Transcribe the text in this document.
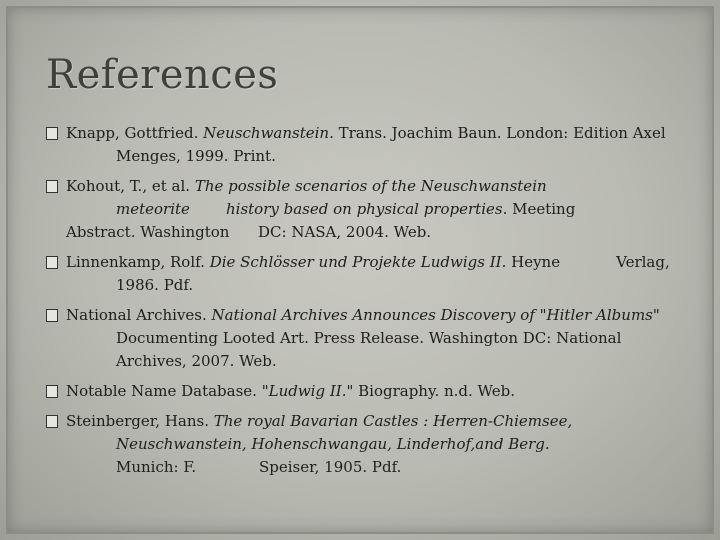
References
Knapp, Gottfried. Neuschwanstein. Trans. Joachim Baun. London: Edition Axel
Menges, 1999. Print.
Kohout, T., et al. The possible scenarios of the Neuschwanstein
meteorite history based on physical properties. Meeting
Abstract. Washington DC: NASA, 2004. Web.
Linnenkamp, Rolf. Die Schlösser und Projekte Ludwigs II. Heyne	Verlag,
1986. Pdf.
National Archives. National Archives Announces Discovery of "Hitler Albums"
Documenting Looted Art. Press Release. Washington DC: National
Archives, 2007. Web.
Notable Name Database. "Ludwig II." Biography. n.d. Web.
Steinberger, Hans. The royal Bavarian Castles : Herren-Chiemsee,
Neuschwanstein, Hohenschwangau, Linderhof,and Berg.
Munich: F.	Speiser, 1905. Pdf.
